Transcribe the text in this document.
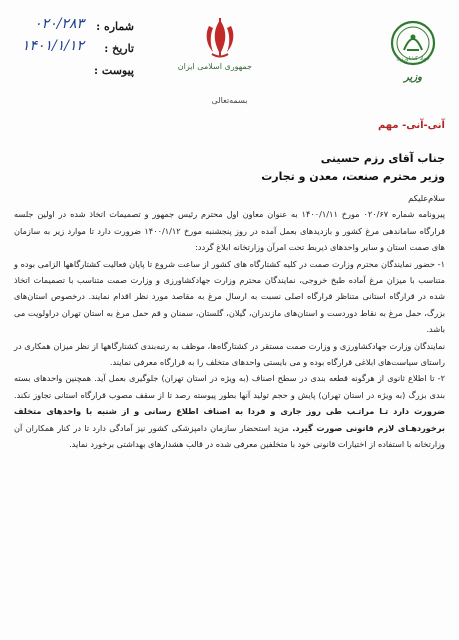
شماره :
۰۲۰/۲۸۳
تاریخ :
۱۴۰۱/۱/۱۲
پیوست :	جمهوری اسلامی ایران
جهاد کشاورزی
وزیر
بسمه‌تعالی
آنی-آنی- مهم
جناب آقای رزم حسینی
وزیر محترم صنعت، معدن و تجارت

سلام‌علیکم

پیرونامه شماره ۰۲۰/۶۷ مورخ ۱۴۰۰/۱/۱۱ به عنوان معاون اول محترم رئیس جمهور و تصمیمات اتخاذ شده در اولین جلسه قرارگاه ساماندهی مرغ کشور و بازدیدهای بعمل آمده در روز پنجشنبه مورخ ۱۴۰۰/۱/۱۲ ضرورت دارد تا موارد زیر به سازمان های صمت استان و سایر واحدهای ذیربط تحت امرآن وزارتخانه ابلاغ گردد:

۱- حضور نمایندگان محترم وزارت صمت در کلیه کشتارگاه های کشور از ساعت شروع تا پایان فعالیت کشتارگاهها الزامی بوده و متناسب با میزان مرغ آماده طبخ خروجی، نمایندگان محترم وزارت جهادکشاورزی و وزارت صمت متناسب با تصمیمات اتخاذ شده در قرارگاه استانی متناظر قرارگاه اصلی نسبت به ارسال مرغ به مقاصد مورد نظر اقدام نمایند. درخصوص استان‌های بزرگ، حمل مرغ به نقاط دوردست و استان‌های مازندران، گیلان، گلستان، سمنان و قم حمل مرغ به استان تهران دراولویت می باشد.

نمایندگان وزارت جهادکشاورزی و وزارت صمت مستقر در کشتارگاه‌ها، موظف به رتبه‌بندی کشتارگاهها از نظر میزان همکاری در راستای سیاست‌های ابلاغی قرارگاه بوده و می بایستی واحدهای متخلف را به قرارگاه معرفی نمایند.

۲- تا اطلاع ثانوی از هرگونه قطعه بندی در سطح اصناف (به ویژه در استان تهران) جلوگیری بعمل آید. همچنین واحدهای بسته بندی بزرگ (به ویژه در استان تهران) پایش و حجم تولید آنها بطور پیوسته رصد تا از سقف مصوب قرارگاه استانی تجاوز نکند. ضرورت دارد تـا مراتـب طی روز جاری و فردا به اصناف اطلاع رسانی و از شنبه با واحدهای متخلف برخوردهـای لازم قانونی صورت گیرد. مزید استحضار سازمان دامپزشکی کشور نیز آمادگی دارد تا در کنار همکاران آن وزارتخانه با استفاده از اختیارات قانونی خود با متخلفین معرفی شده در قالب هشدارهای بهداشتی برخورد نماید.
